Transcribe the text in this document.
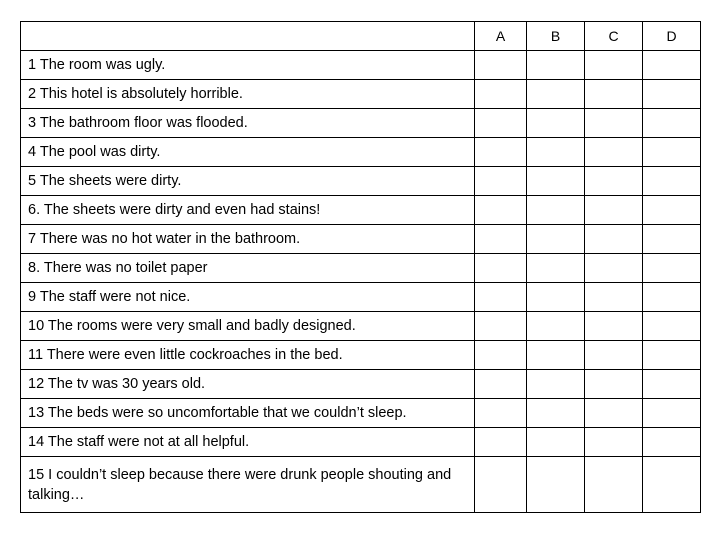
	A	B	C	D
1 The room was ugly.				
2 This hotel is absolutely horrible.				
3 The bathroom floor was flooded.				
4 The pool was dirty.				
5 The sheets were dirty.				
6. The sheets were dirty and even had stains!				
7 There was no hot water in the bathroom.				
8. There was no toilet paper				
9 The staff were not nice.				
10 The rooms were very small and badly designed.				
11 There were even little cockroaches in the bed.				
12 The tv was 30 years old.				
13 The beds were so uncomfortable that we couldn’t sleep.				
14 The staff were not at all helpful.				
15 I couldn’t sleep because there were drunk people shouting and talking…				
